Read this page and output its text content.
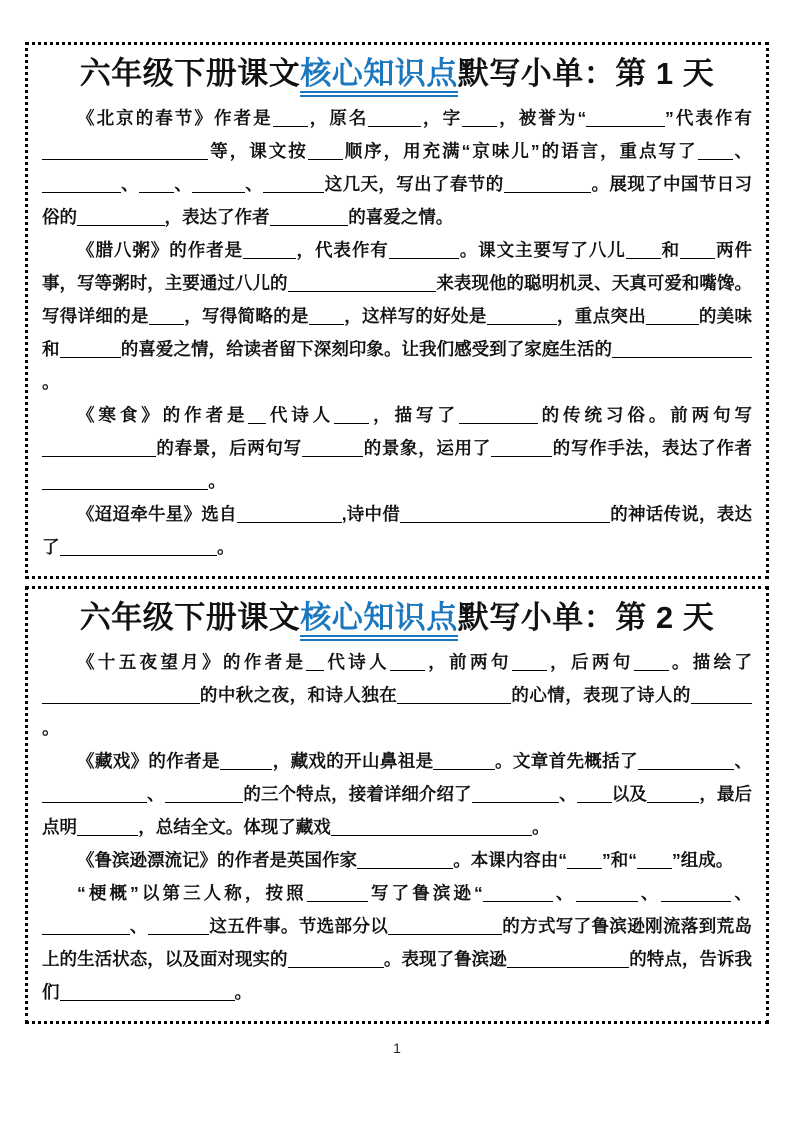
六年级下册课文核心知识点默写小单：第 1 天

《北京的春节》作者是 ，原名	，字 ，被誉为“	”代表作有等，课文按 顺序，用充满“京味儿”的语言，重点写了 、、 、	、	这几天，写出了春节的	。展现了中国节日习俗的	，表达了作者	的喜爱之情。

《腊八粥》的作者是	，代表作有	。课文主要写了八儿 和 两件事，写等粥时，主要通过八儿的	来表现他的聪明机灵、天真可爱和嘴馋。写得详细的是 ，写得简略的是 ，这样写的好处是	，重点突出	的美味和	的喜爱之情，给读者留下深刻印象。让我们感受到了家庭生活的。

《寒食》的作者是 代诗人 ，描写了	的传统习俗。前两句写的春景，后两句写	的景象，运用了	的写作手法，表达了作者。

《迢迢牵牛星》选自	,诗中借	的神话传说，表达了	。

六年级下册课文核心知识点默写小单：第 2 天

《十五夜望月》的作者是 代诗人 ，前两句 ，后两句 。描绘了的中秋之夜，和诗人独在	的心情，表现了诗人的。

《藏戏》的作者是	，藏戏的开山鼻祖是	。文章首先概括了	、、	的三个特点，接着详细介绍了	、 以及	，最后点明	，总结全文。体现了藏戏	。

《鲁滨逊漂流记》的作者是英国作家	。本课内容由“ ”和“ ”组成。

“梗概”以第三人称，按照	写了鲁滨逊“	、	、	、、	这五件事。节选部分以	的方式写了鲁滨逊刚流落到荒岛上的生活状态，以及面对现实的	。表现了鲁滨逊	的特点，告诉我们	。

1
